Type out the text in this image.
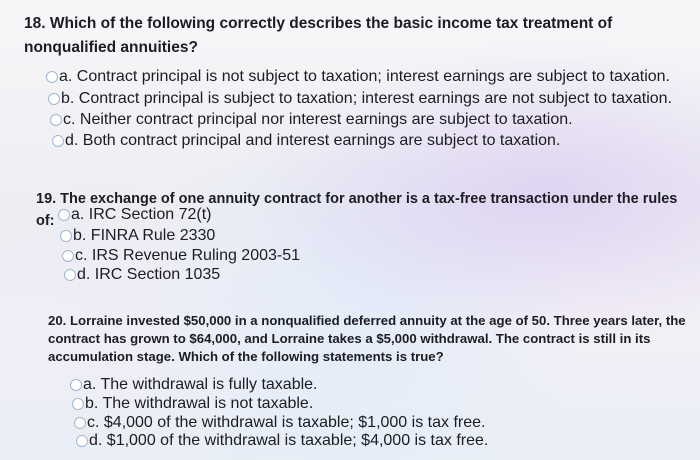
18. Which of the following correctly describes the basic income tax treatment of nonqualified annuities?
a. Contract principal is not subject to taxation; interest earnings are subject to taxation.
b. Contract principal is subject to taxation; interest earnings are not subject to taxation.
c. Neither contract principal nor interest earnings are subject to taxation.
d. Both contract principal and interest earnings are subject to taxation.
19. The exchange of one annuity contract for another is a tax-free transaction under the rules of:	a. IRC Section 72(t)
b. FINRA Rule 2330
c. IRS Revenue Ruling 2003-51
d. IRC Section 1035
20. Lorraine invested $50,000 in a nonqualified deferred annuity at the age of 50. Three years later, the contract has grown to $64,000, and Lorraine takes a $5,000 withdrawal. The contract is still in its accumulation stage. Which of the following statements is true?
a. The withdrawal is fully taxable.
b. The withdrawal is not taxable.
c. $4,000 of the withdrawal is taxable; $1,000 is tax free.
d. $1,000 of the withdrawal is taxable; $4,000 is tax free.
